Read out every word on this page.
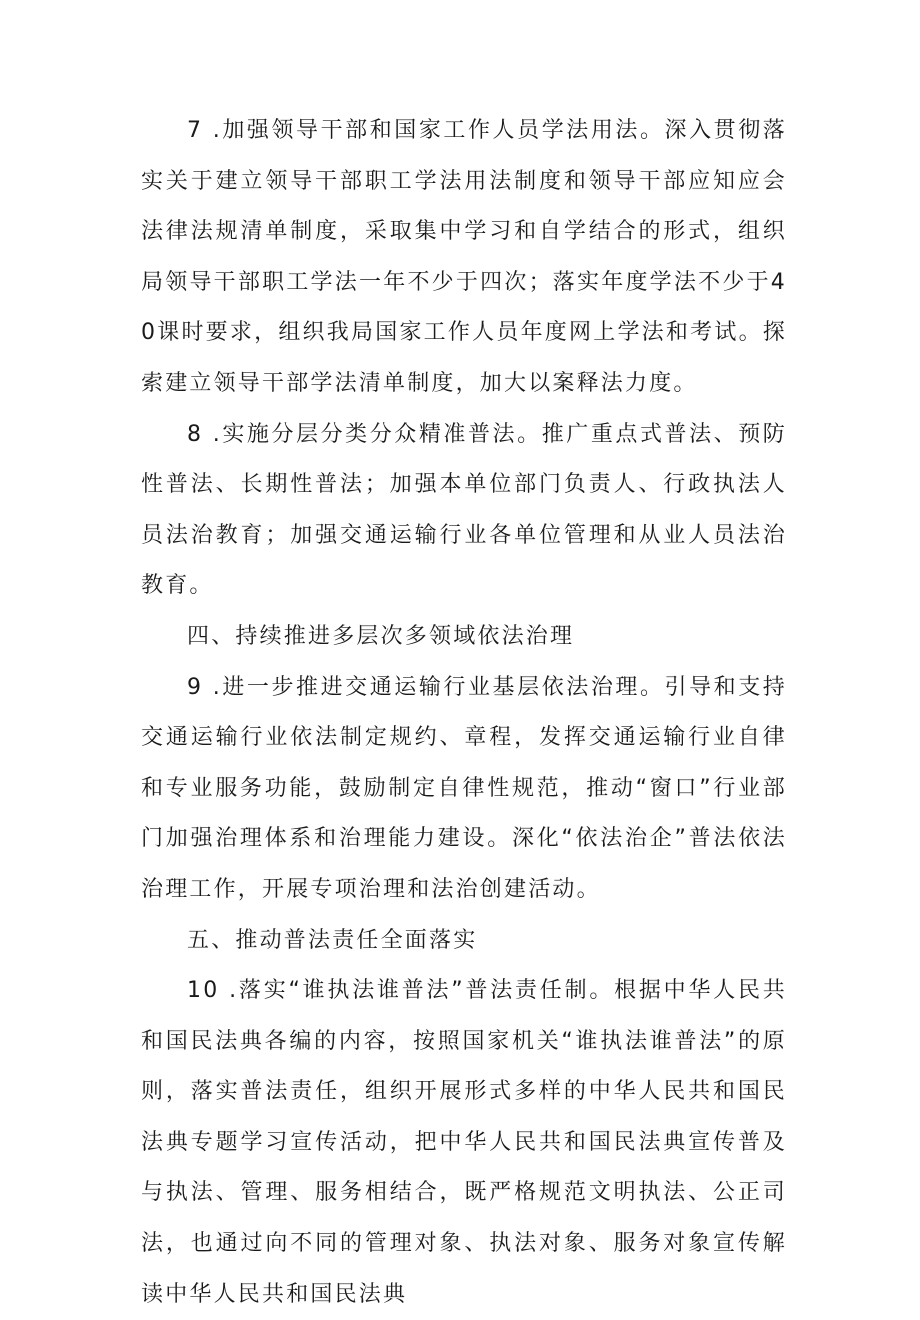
7 .加强领导干部和国家工作人员学法用法。深入贯彻落实关于建立领导干部职工学法用法制度和领导干部应知应会法律法规清单制度，采取集中学习和自学结合的形式，组织局领导干部职工学法一年不少于四次；落实年度学法不少于40课时要求，组织我局国家工作人员年度网上学法和考试。探索建立领导干部学法清单制度，加大以案释法力度。

8 .实施分层分类分众精准普法。推广重点式普法、预防性普法、长期性普法；加强本单位部门负责人、行政执法人员法治教育；加强交通运输行业各单位管理和从业人员法治教育。

四、持续推进多层次多领域依法治理

9 .进一步推进交通运输行业基层依法治理。引导和支持交通运输行业依法制定规约、章程，发挥交通运输行业自律和专业服务功能，鼓励制定自律性规范，推动“窗口”行业部门加强治理体系和治理能力建设。深化“依法治企”普法依法治理工作，开展专项治理和法治创建活动。

五、推动普法责任全面落实

10 .落实“谁执法谁普法”普法责任制。根据中华人民共和国民法典各编的内容，按照国家机关“谁执法谁普法”的原则，落实普法责任，组织开展形式多样的中华人民共和国民法典专题学习宣传活动，把中华人民共和国民法典宣传普及与执法、管理、服务相结合，既严格规范文明执法、公正司法，也通过向不同的管理对象、执法对象、服务对象宣传解读中华人民共和国民法典
